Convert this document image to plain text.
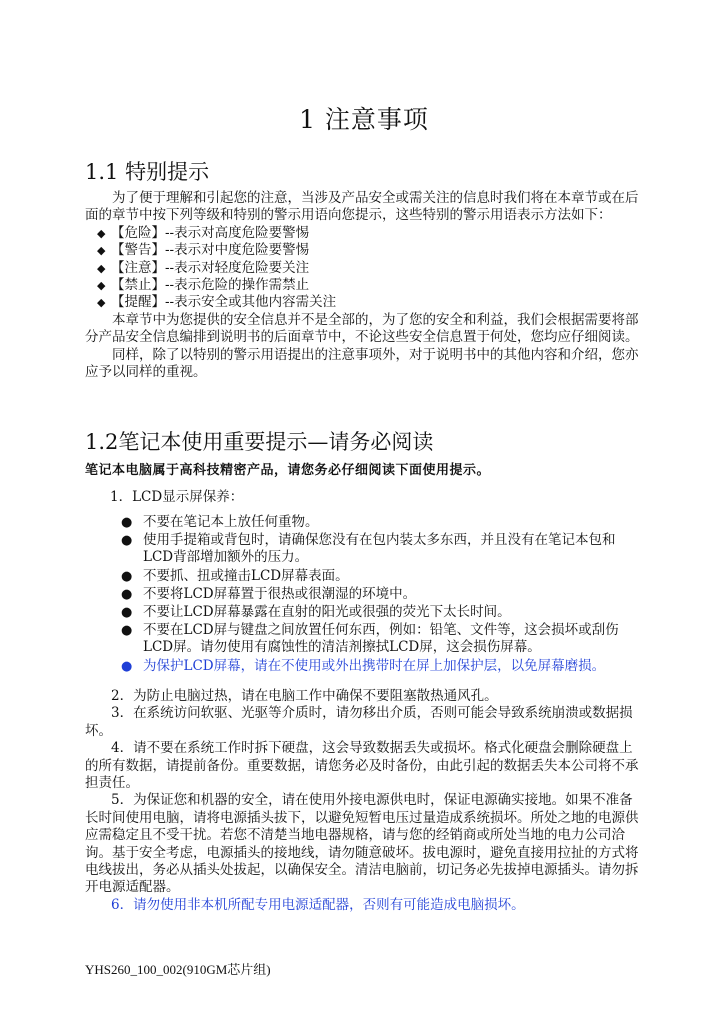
1 注意事项
1.1 特别提示

为了便于理解和引起您的注意，当涉及产品安全或需关注的信息时我们将在本章节或在后面的章节中按下列等级和特别的警示用语向您提示，这些特别的警示用语表示方法如下：

◆ 【危险】--表示对高度危险要警惕

◆ 【警告】--表示对中度危险要警惕

◆ 【注意】--表示对轻度危险要关注

◆ 【禁止】--表示危险的操作需禁止

◆ 【提醒】--表示安全或其他内容需关注

本章节中为您提供的安全信息并不是全部的，为了您的安全和利益，我们会根据需要将部分产品安全信息编排到说明书的后面章节中，不论这些安全信息置于何处，您均应仔细阅读。

同样，除了以特别的警示用语提出的注意事项外，对于说明书中的其他内容和介绍，您亦应予以同样的重视。

1.2笔记本使用重要提示—请务必阅读
笔记本电脑属于高科技精密产品，请您务必仔细阅读下面使用提示。
1．LCD显示屏保养：

● 不要在笔记本上放任何重物。

● 使用手提箱或背包时，请确保您没有在包内装太多东西，并且没有在笔记本包和LCD背部增加额外的压力。

● 不要抓、扭或撞击LCD屏幕表面。

● 不要将LCD屏幕置于很热或很潮湿的环境中。

● 不要让LCD屏幕暴露在直射的阳光或很强的荧光下太长时间。

● 不要在LCD屏与键盘之间放置任何东西，例如：铅笔、文件等，这会损坏或刮伤LCD屏。请勿使用有腐蚀性的清洁剂擦拭LCD屏，这会损伤屏幕。

● 为保护LCD屏幕，请在不使用或外出携带时在屏上加保护层，以免屏幕磨损。

2．为防止电脑过热，请在电脑工作中确保不要阻塞散热通风孔。

3．在系统访问软驱、光驱等介质时，请勿移出介质，否则可能会导致系统崩溃或数据损坏。

4．请不要在系统工作时拆下硬盘，这会导致数据丢失或损坏。格式化硬盘会删除硬盘上的所有数据，请提前备份。重要数据，请您务必及时备份，由此引起的数据丢失本公司将不承担责任。

5．为保证您和机器的安全，请在使用外接电源供电时，保证电源确实接地。如果不准备长时间使用电脑，请将电源插头拔下，以避免短暂电压过量造成系统损坏。所处之地的电源供应需稳定且不受干扰。若您不清楚当地电器规格，请与您的经销商或所处当地的电力公司洽询。基于安全考虑，电源插头的接地线，请勿随意破坏。拔电源时，避免直接用拉扯的方式将电线拔出，务必从插头处拔起，以确保安全。清洁电脑前，切记务必先拔掉电源插头。请勿拆开电源适配器。

6．请勿使用非本机所配专用电源适配器，否则有可能造成电脑损坏。

YHS260_100_002(910GM芯片组)
